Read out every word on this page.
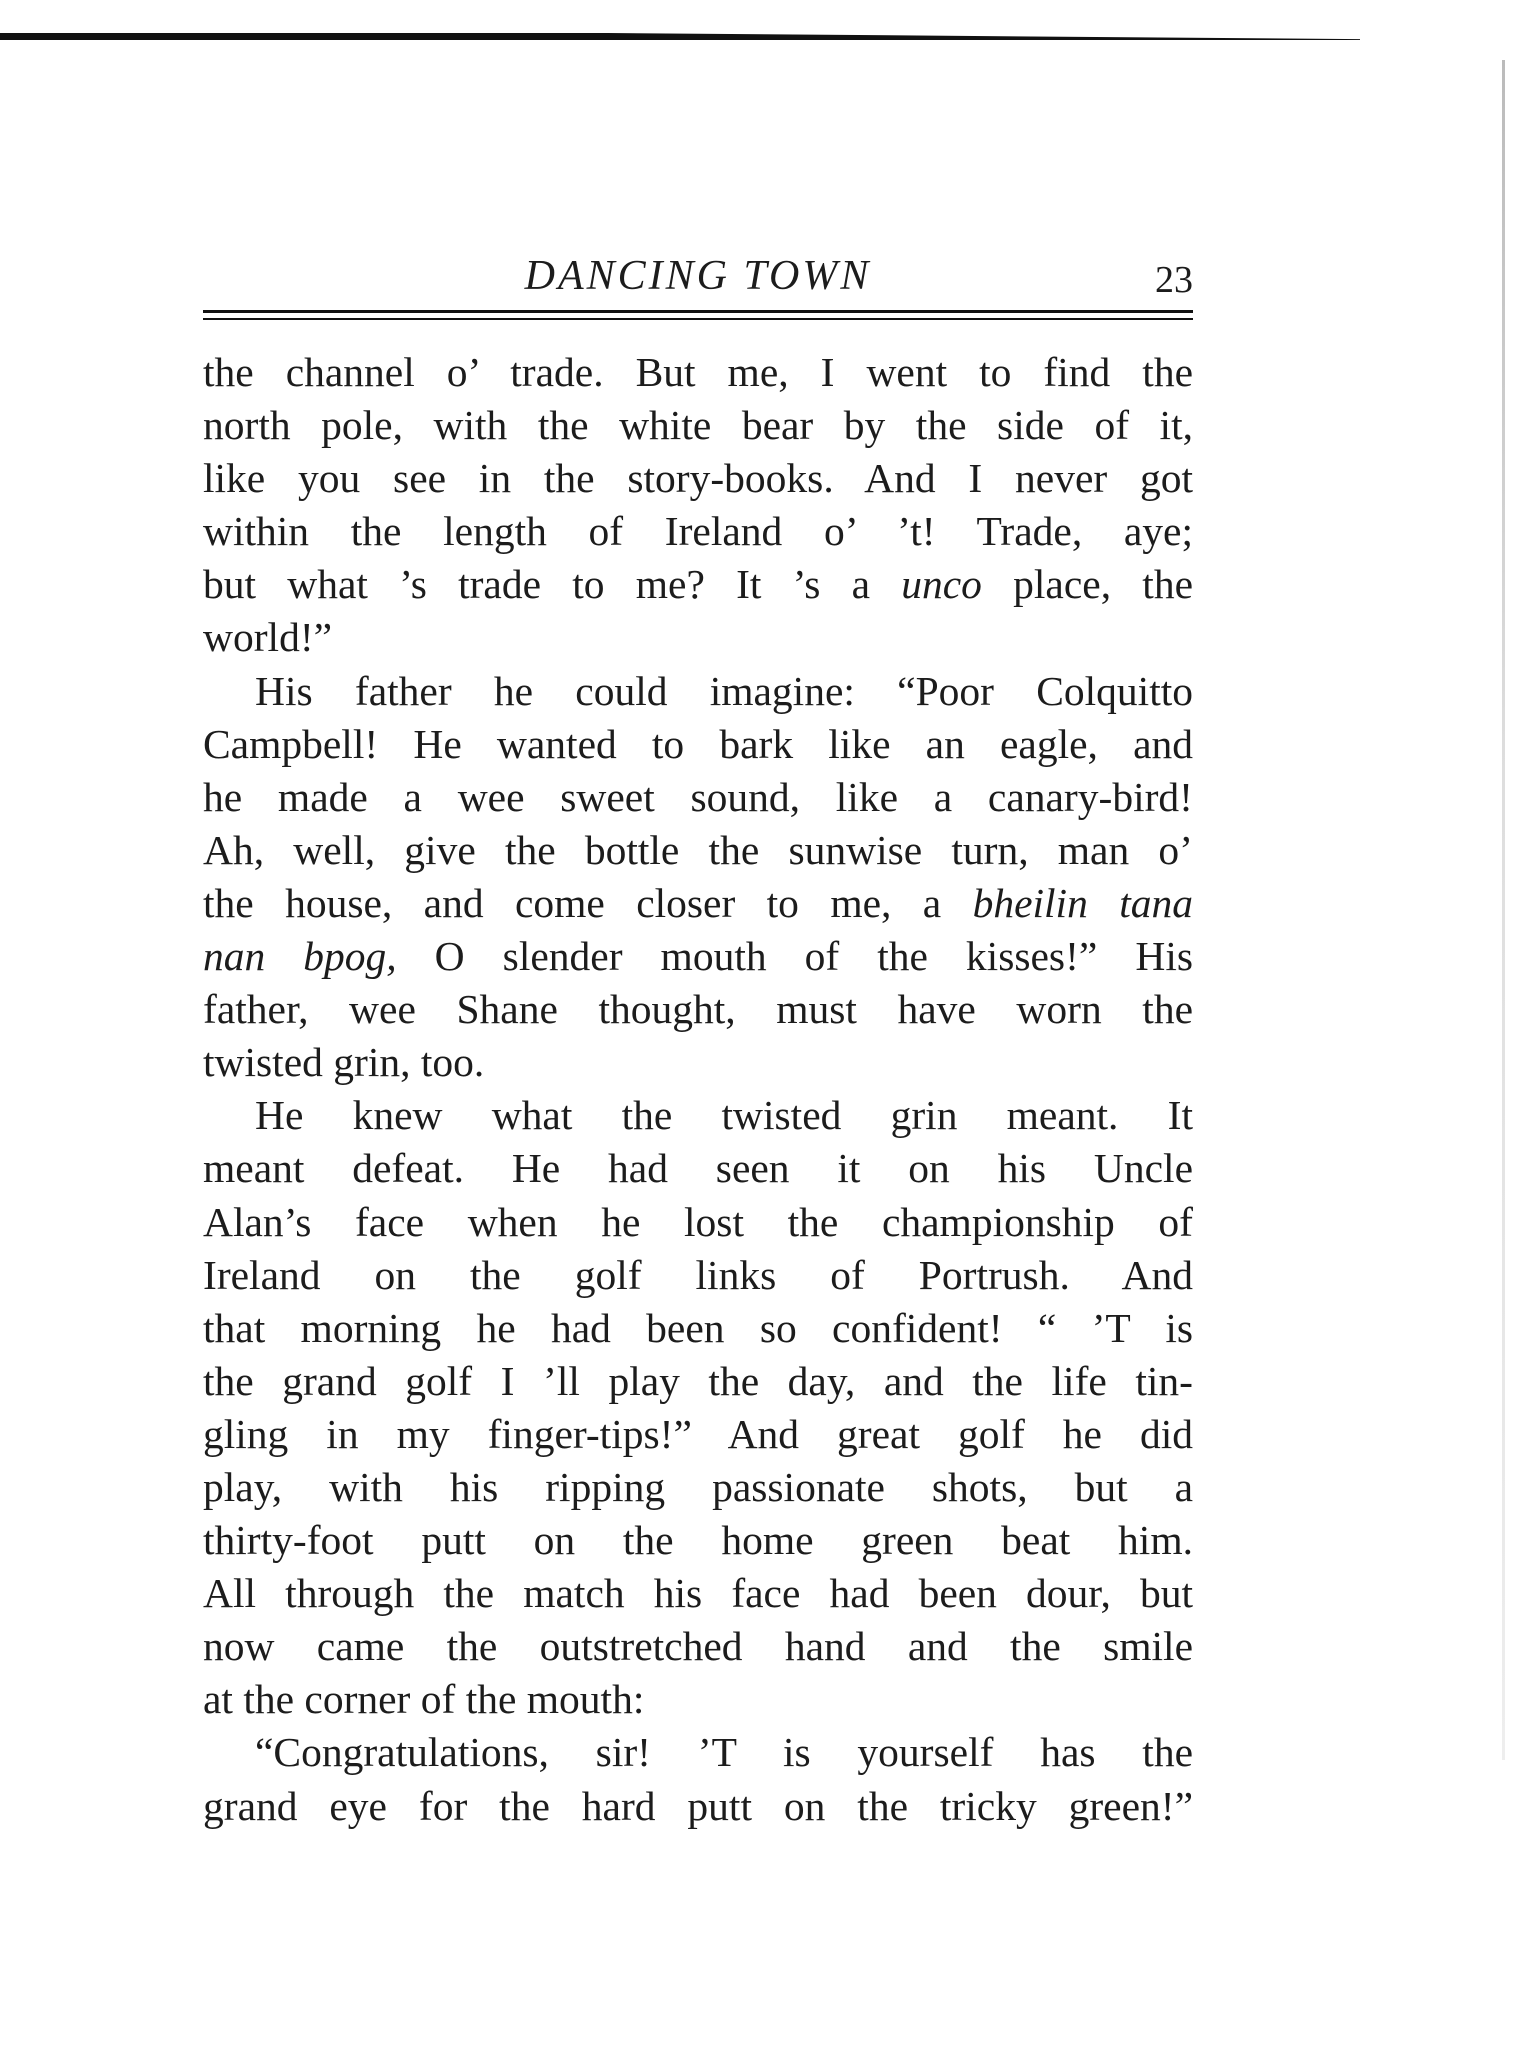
DANCING TOWN	23
the channel o’ trade. But me, I went to find the
north pole, with the white bear by the side of it,
like you see in the story-books. And I never got
within the length of Ireland o’ ’t! Trade, aye;
but what ’s trade to me? It ’s a unco place, the
world!”
His father he could imagine: “Poor Colquitto
Campbell! He wanted to bark like an eagle, and
he made a wee sweet sound, like a canary-bird!
Ah, well, give the bottle the sunwise turn, man o’
the house, and come closer to me, a bheilin tana
nan bpog, O slender mouth of the kisses!” His
father, wee Shane thought, must have worn the
twisted grin, too.
He knew what the twisted grin meant. It
meant defeat. He had seen it on his Uncle
Alan’s face when he lost the championship of
Ireland on the golf links of Portrush. And
that morning he had been so confident! “ ’T is
the grand golf I ’ll play the day, and the life tin-
gling in my finger-tips!” And great golf he did
play, with his ripping passionate shots, but a
thirty-foot putt on the home green beat him.
All through the match his face had been dour, but
now came the outstretched hand and the smile
at the corner of the mouth:
“Congratulations, sir! ’T is yourself has the
grand eye for the hard putt on the tricky green!”
